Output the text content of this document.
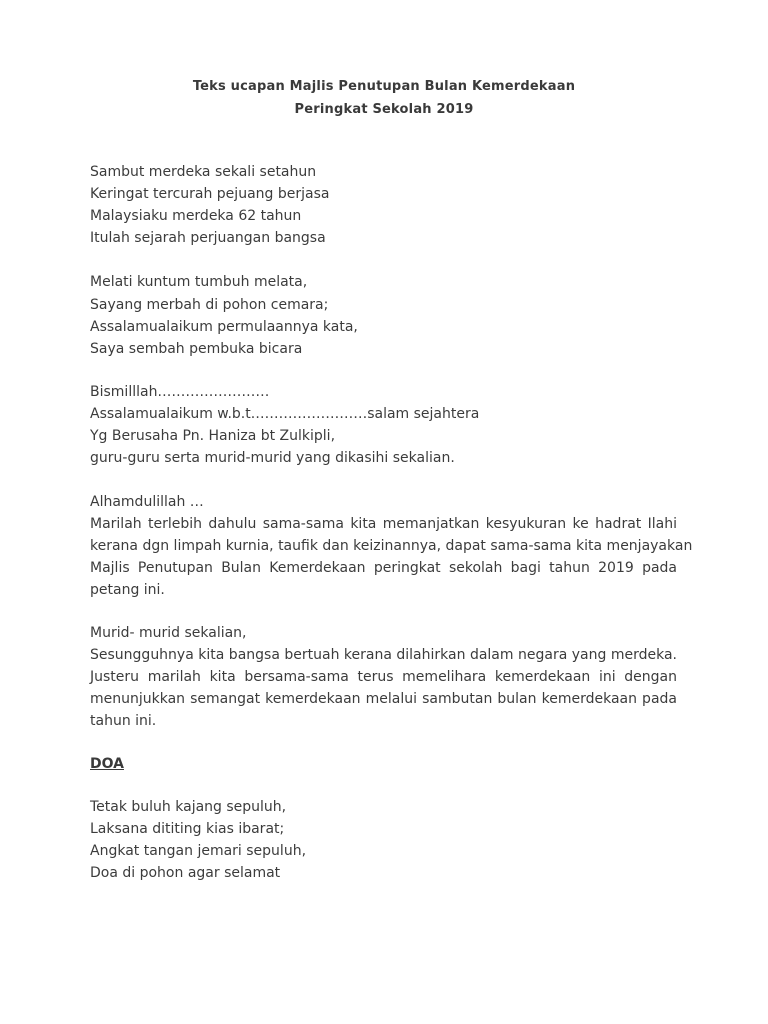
Teks ucapan Majlis Penutupan Bulan Kemerdekaan
Peringkat Sekolah 2019
Sambut merdeka sekali setahun
Keringat tercurah pejuang berjasa
Malaysiaku merdeka 62 tahun
Itulah sejarah perjuangan bangsa
Melati kuntum tumbuh melata,
Sayang merbah di pohon cemara;
Assalamualaikum permulaannya kata,
Saya sembah pembuka bicara
Bismilllah……………………
Assalamualaikum w.b.t.……………………salam sejahtera
Yg Berusaha Pn. Haniza bt Zulkipli,
guru-guru serta murid-murid yang dikasihi sekalian.
Alhamdulillah …
Marilah terlebih dahulu sama-sama kita memanjatkan kesyukuran ke hadrat Ilahi
kerana dgn limpah kurnia, taufik dan keizinannya, dapat sama-sama kita menjayakan
Majlis Penutupan Bulan Kemerdekaan peringkat sekolah bagi tahun 2019 pada
petang ini.
Murid- murid sekalian,
Sesungguhnya kita bangsa bertuah kerana dilahirkan dalam negara yang merdeka.
Justeru marilah kita bersama-sama terus memelihara kemerdekaan ini dengan
menunjukkan semangat kemerdekaan melalui sambutan bulan kemerdekaan pada
tahun ini.
DOA
Tetak buluh kajang sepuluh,
Laksana dititing kias ibarat;
Angkat tangan jemari sepuluh,
Doa di pohon agar selamat
